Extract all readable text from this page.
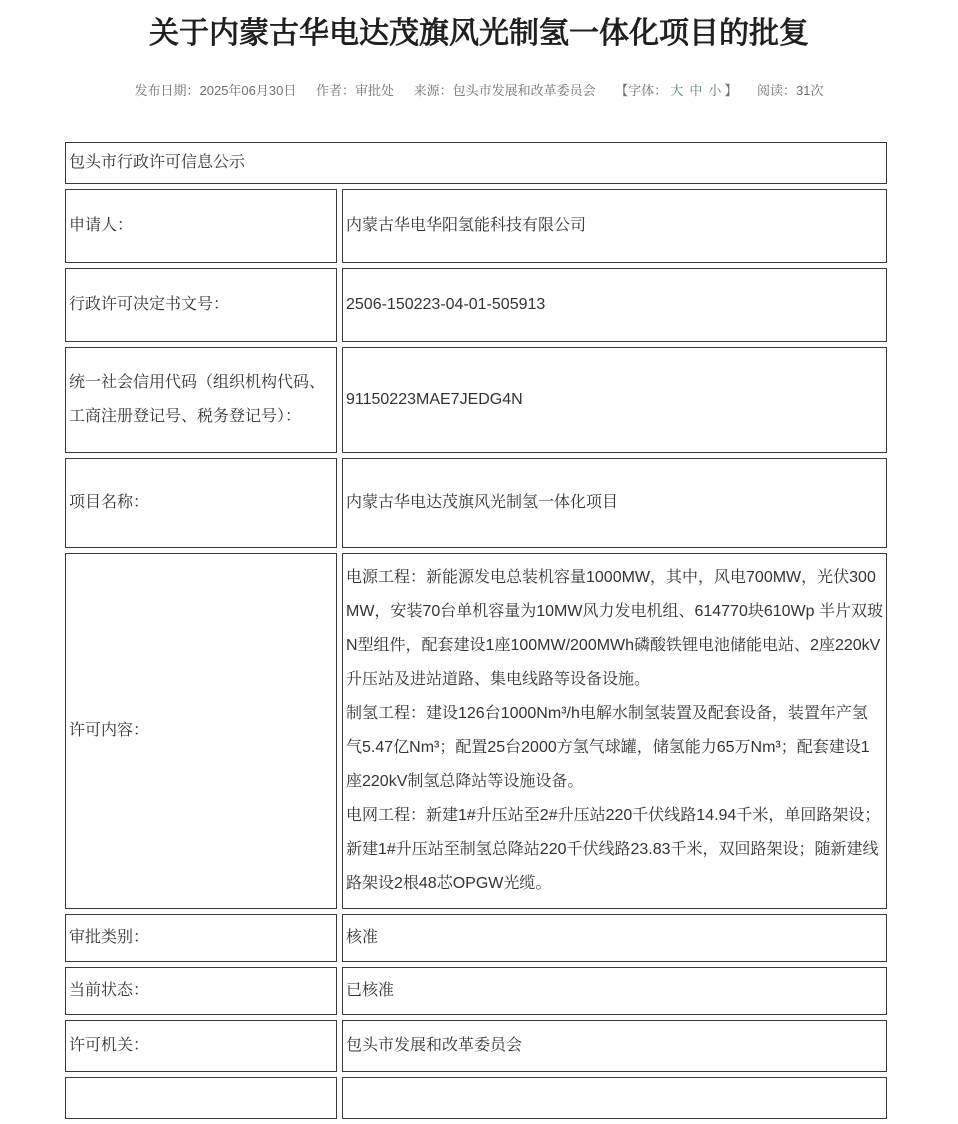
关于内蒙古华电达茂旗风光制氢一体化项目的批复
发布日期：2025年06月30日 作者：审批处 来源：包头市发展和改革委员会 【字体： 大 中 小 】 阅读：31次
包头市行政许可信息公示	
申请人：	内蒙古华电华阳氢能科技有限公司
行政许可决定书文号：	2506-150223-04-01-505913
统一社会信用代码（组织机构代码、工商注册登记号、税务登记号）：	91150223MAE7JEDG4N
项目名称：	内蒙古华电达茂旗风光制氢一体化项目
许可内容：	电源工程：新能源发电总装机容量1000MW，其中，风电700MW，光伏300MW，安装70台单机容量为10MW风力发电机组、614770块610Wp 半片双玻N型组件，配套建设1座100MW/200MWh磷酸铁锂电池储能电站、2座220kV升压站及进站道路、集电线路等设备设施。

制氢工程：建设126台1000Nm³/h电解水制氢装置及配套设备，装置年产氢气5.47亿Nm³；配置25台2000方氢气球罐，储氢能力65万Nm³；配套建设1座220kV制氢总降站等设施设备。

电网工程：新建1#升压站至2#升压站220千伏线路14.94千米，单回路架设；新建1#升压站至制氢总降站220千伏线路23.83千米，双回路架设；随新建线路架设2根48芯OPGW光缆。

审批类别：	核准
当前状态：	已核准
许可机关：	包头市发展和改革委员会
